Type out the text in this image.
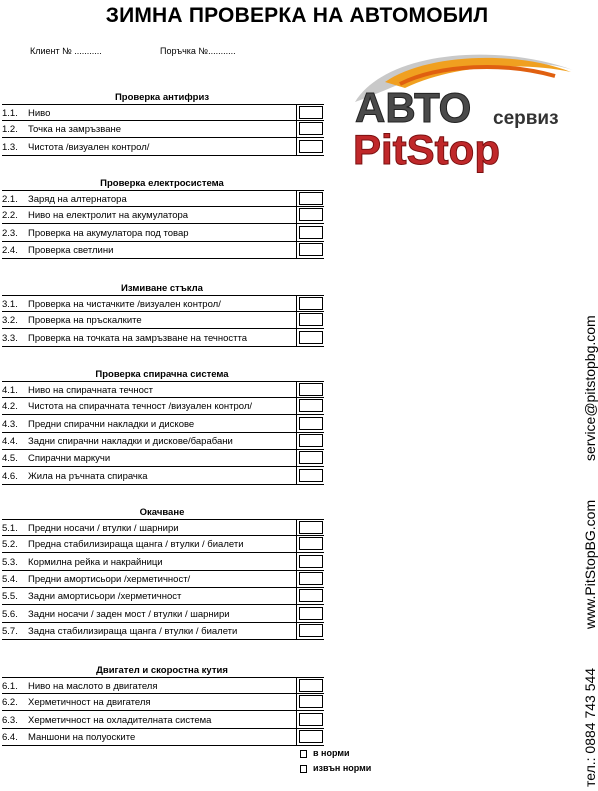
ЗИМНА ПРОВЕРКА НА АВТОМОБИЛ
Клиент № ...........	Поръчка №...........
АВТО сервиз
PitStop
Проверка антифриз
1.1.	Ниво
1.2.	Точка на замръзване
1.3.	Чистота /визуален контрол/
Проверка електросистема
2.1.	Заряд на алтернатора
2.2.	Ниво на електролит на акумулатора
2.3.	Проверка на акумулатора под товар
2.4.	Проверка светлини
Измиване стъкла
3.1.	Проверка на чистачките /визуален контрол/
3.2.	Проверка на пръскалките
3.3.	Проверка на точката на замръзване на течността
Проверка спирачна система
4.1.	Ниво на спирачната течност
4.2.	Чистота на спирачната течност /визуален контрол/
4.3.	Предни спирачни накладки и дискове
4.4.	Задни спирачни накладки и дискове/барабани
4.5.	Спирачни маркучи
4.6.	Жила на ръчната спирачка
Окачване
5.1.	Предни носачи / втулки / шарнири
5.2.	Предна стабилизираща щанга / втулки / биалети
5.3.	Кормилна рейка и накрайници
5.4.	Предни амортисьори /херметичност/
5.5.	Задни амортисьори /херметичност
5.6.	Задни носачи / заден мост / втулки / шарнири
5.7.	Задна стабилизираща щанга / втулки / биалети
Двигател и скоростна кутия
6.1.	Ниво на маслото в двигателя
6.2.	Херметичност на двигателя
6.3.	Херметичност на охладителната система
6.4.	Маншони на полуоските
в норми
извън норми	тел.: 0884 743 544 www.PitStopBG.com service@pitstopbg.com
